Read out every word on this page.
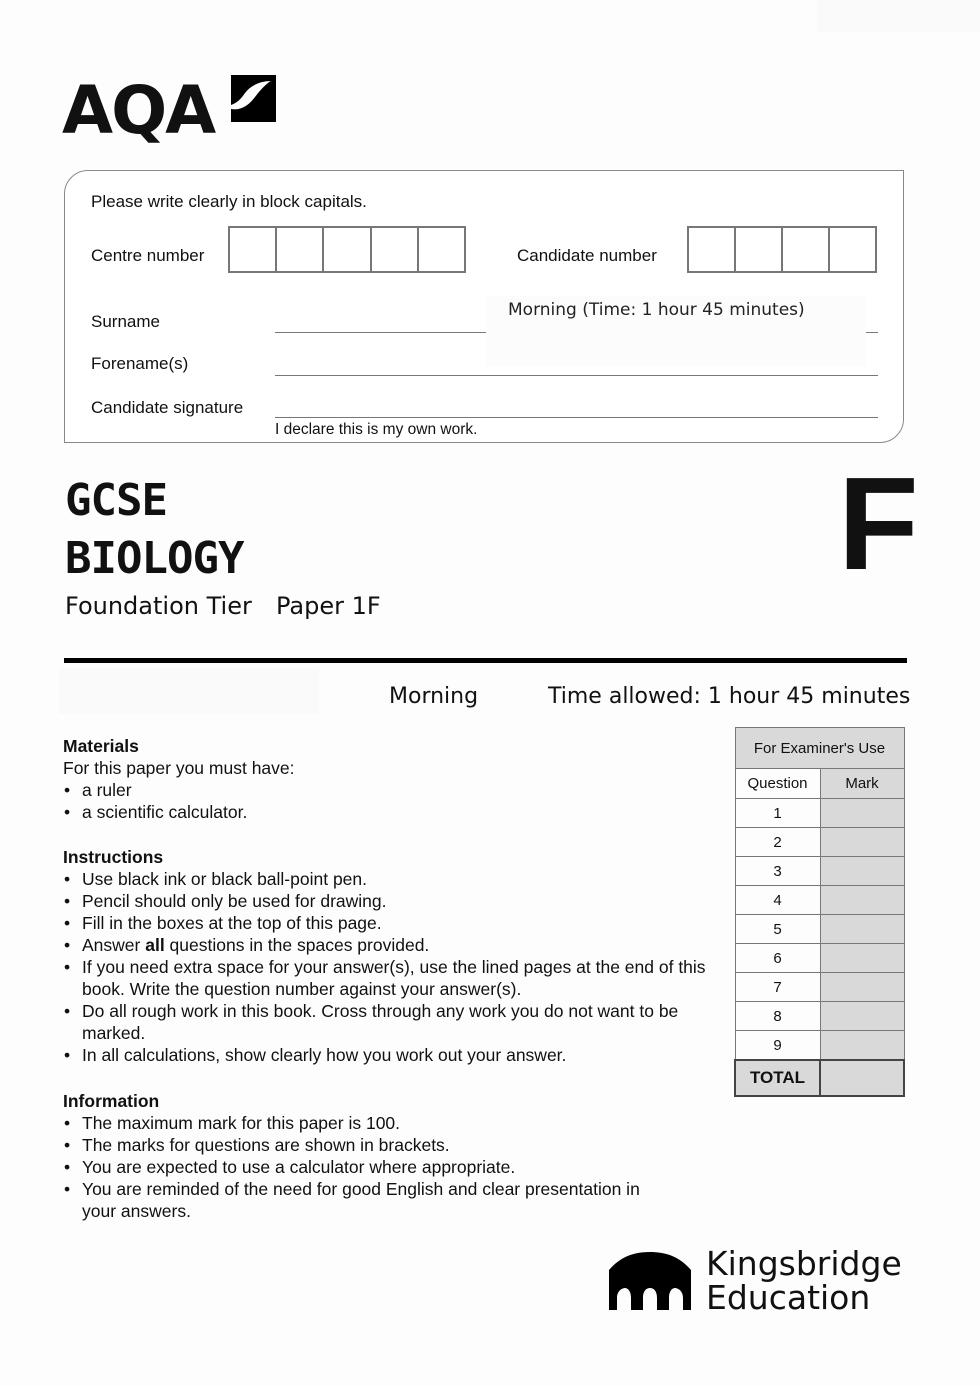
AQA
Please write clearly in block capitals.
Centre number	Candidate number
Surname
Forename(s)
Candidate signature
I declare this is my own work.
Morning (Time: 1 hour 45 minutes)
GCSE
BIOLOGY
Foundation Tier Paper 1F
F
Morning	Time allowed: 1 hour 45 minutes

Materials

For this paper you must have:

• a ruler
• a scientific calculator.

Instructions

• Use black ink or black ball-point pen.
• Pencil should only be used for drawing.
• Fill in the boxes at the top of this page.
• Answer all questions in the spaces provided.
• If you need extra space for your answer(s), use the lined pages at the end of this book. Write the question number against your answer(s).
• Do all rough work in this book. Cross through any work you do not want to be marked.
• In all calculations, show clearly how you work out your answer.

Information

• The maximum mark for this paper is 100.
• The marks for questions are shown in brackets.
• You are expected to use a calculator where appropriate.
• You are reminded of the need for good English and clear presentation in your answers.
For Examiner's Use	
Question	Mark
1	
2	
3	
4	
5	
6	
7	
8	
9	
TOTAL	
Kingsbridge
Education
